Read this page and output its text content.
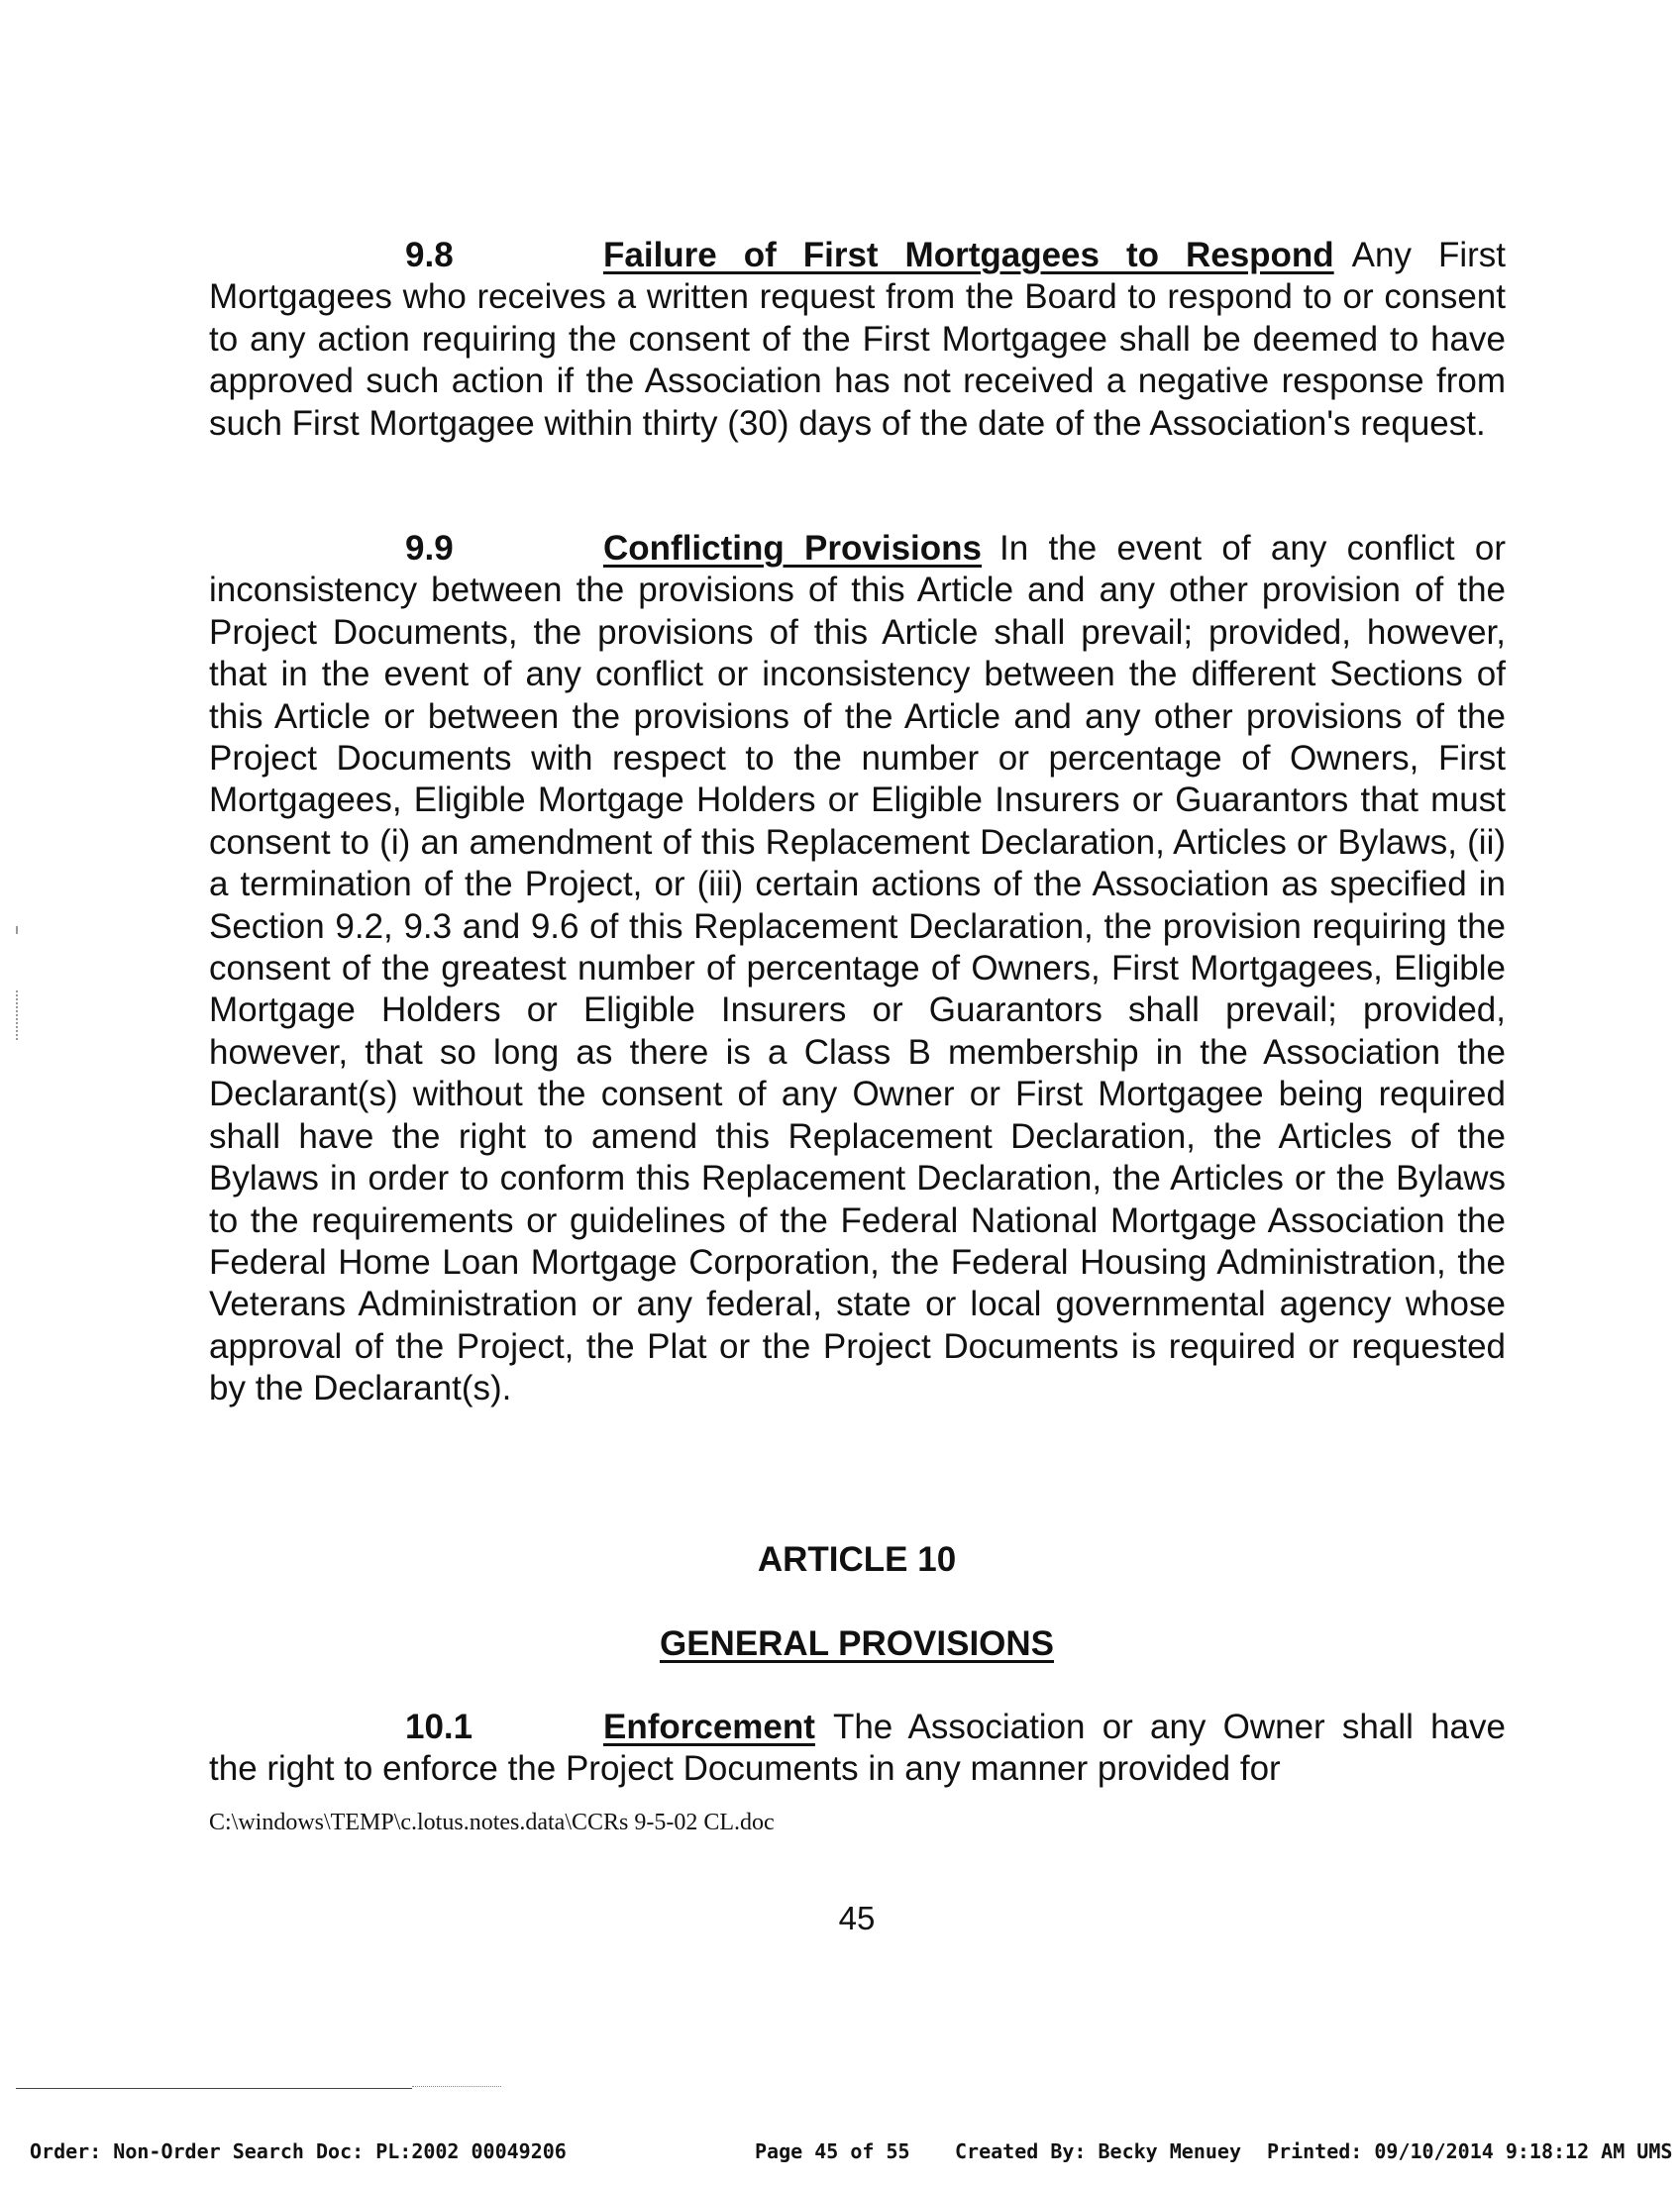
9.8	Failure of First Mortgagees to Respond Any First Mortgagees who receives a written request from the Board to respond to or consent to any action requiring the consent of the First Mortgagee shall be deemed to have approved such action if the Association has not received a negative response from such First Mortgagee within thirty (30) days of the date of the Association's request.

9.9	Conflicting Provisions In the event of any conflict or inconsistency between the provisions of this Article and any other provision of the Project Documents, the provisions of this Article shall prevail; provided, however, that in the event of any conflict or inconsistency between the different Sections of this Article or between the provisions of the Article and any other provisions of the Project Documents with respect to the number or percentage of Owners, First Mortgagees, Eligible Mortgage Holders or Eligible Insurers or Guarantors that must consent to (i) an amendment of this Replacement Declaration, Articles or Bylaws, (ii) a termination of the Project, or (iii) certain actions of the Association as specified in Section 9.2, 9.3 and 9.6 of this Replacement Declaration, the provision requiring the consent of the greatest number of percentage of Owners, First Mortgagees, Eligible Mortgage Holders or Eligible Insurers or Guarantors shall prevail; provided, however, that so long as there is a Class B membership in the Association the Declarant(s) without the consent of any Owner or First Mortgagee being required shall have the right to amend this Replacement Declaration, the Articles of the Bylaws in order to conform this Replacement Declaration, the Articles or the Bylaws to the requirements or guidelines of the Federal National Mortgage Association the Federal Home Loan Mortgage Corporation, the Federal Housing Administration, the Veterans Administration or any federal, state or local governmental agency whose approval of the Project, the Plat or the Project Documents is required or requested by the Declarant(s).

ARTICLE 10

GENERAL PROVISIONS

10.1	Enforcement The Association or any Owner shall have the right to enforce the Project Documents in any manner provided for

C:\windows\TEMP\c.lotus.notes.data\CCRs 9-5-02 CL.doc

45

Order: Non-Order Search Doc: PL:2002 00049206	Page 45 of 55 Created By: Becky Menuey Printed: 09/10/2014 9:18:12 AM UMS
